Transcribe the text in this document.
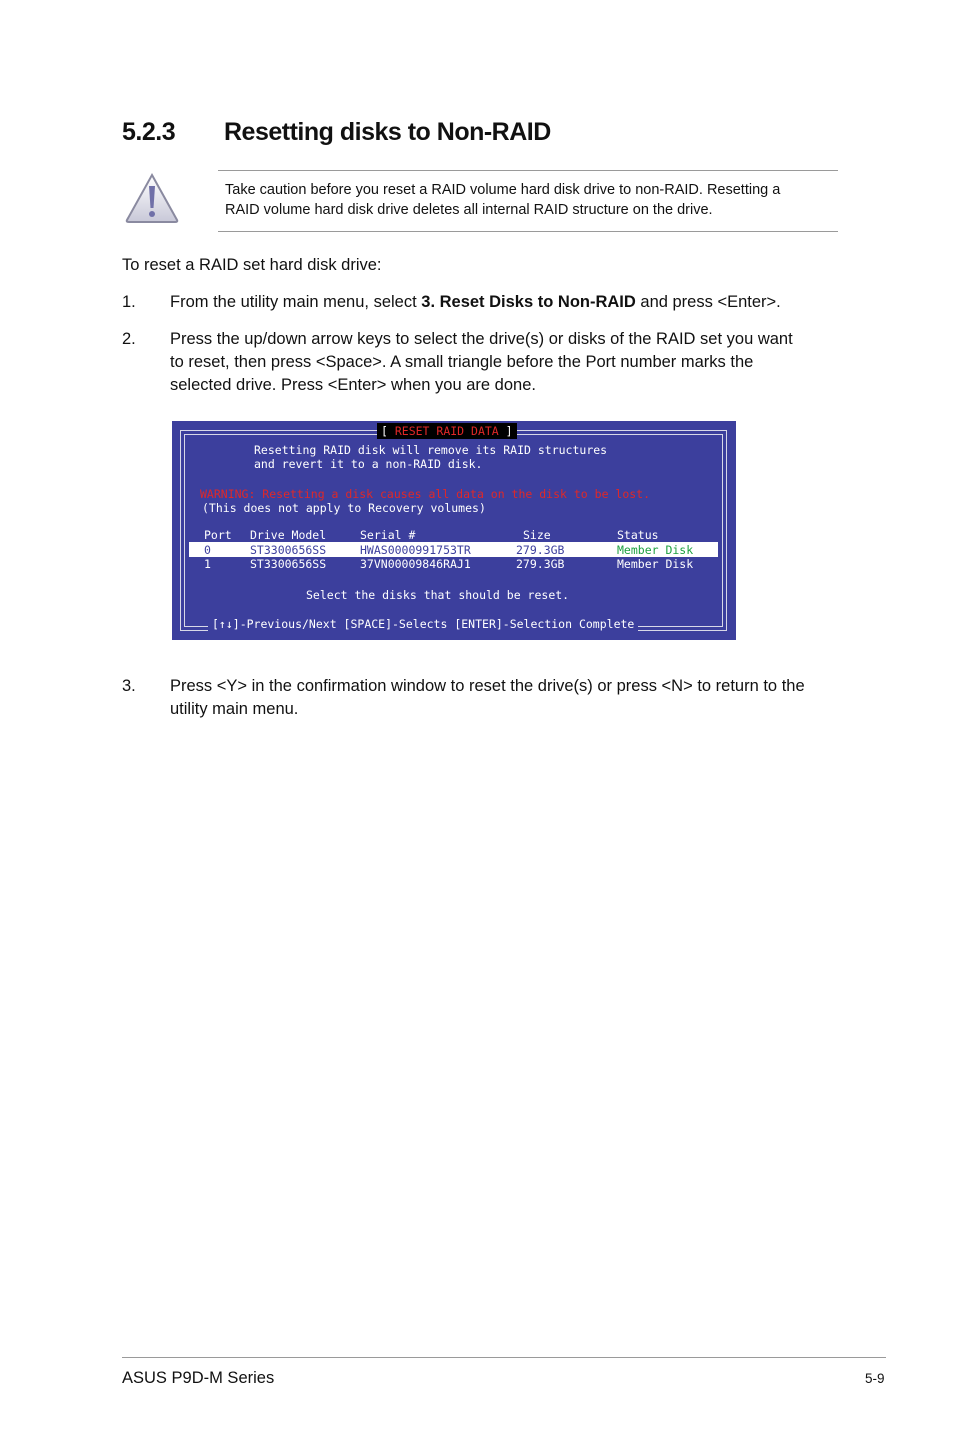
5.2.3 Resetting disks to Non-RAID
Take caution before you reset a RAID volume hard disk drive to non-RAID. Resetting a
RAID volume hard disk drive deletes all internal RAID structure on the drive.
To reset a RAID set hard disk drive:
1. From the utility main menu, select 3. Reset Disks to Non-RAID and press <Enter>.
2. Press the up/down arrow keys to select the drive(s) or disks of the RAID set you want
to reset, then press <Space>. A small triangle before the Port number marks the
selected drive. Press <Enter> when you are done.
[ RESET RAID DATA ]
Resetting RAID disk will remove its RAID structures
and revert it to a non-RAID disk.
WARNING: Resetting a disk causes all data on the disk to be lost.
(This does not apply to Recovery volumes)
Port Drive Model	Serial #	Size	Status
0	ST3300656SS	HWAS0000991753TR	279.3GB	Member Disk
1	ST3300656SS	37VN00009846RAJ1	279.3GB	Member Disk
Select the disks that should be reset.
[↑↓]-Previous/Next [SPACE]-Selects [ENTER]-Selection Complete
3. Press <Y> in the confirmation window to reset the drive(s) or press <N> to return to the
utility main menu.
ASUS P9D-M Series	5-9
